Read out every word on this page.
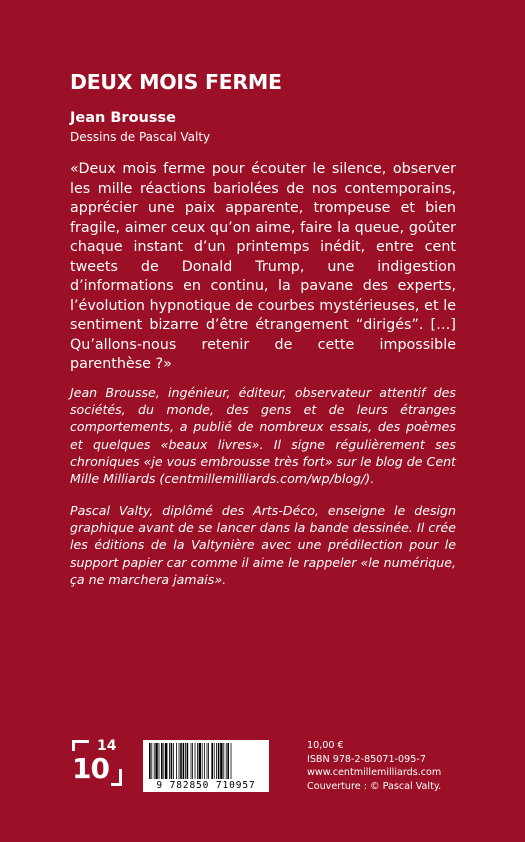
DEUX MOIS FERME
Jean Brousse
Dessins de Pascal Valty

«Deux mois ferme pour écouter le silence, observer les mille réactions bariolées de nos contemporains, apprécier une paix apparente, trompeuse et bien fragile, aimer ceux qu’on aime, faire la queue, goûter chaque instant d’un printemps inédit, entre cent tweets de Donald Trump, une indigestion d’informations en continu, la pavane des experts, l’évolution hypnotique de courbes mystérieuses, et le sentiment bizarre d’être étrangement “dirigés”. […] Qu’allons-nous retenir de cette impossible parenthèse ?»

Jean Brousse, ingénieur, éditeur, observateur attentif des sociétés, du monde, des gens et de leurs étranges comportements, a publié de nombreux essais, des poèmes et quelques «beaux livres». Il signe régulièrement ses chroniques «je vous embrousse très fort» sur le blog de Cent Mille Milliards (centmillemilliards.com/wp/blog/).

Pascal Valty, diplômé des Arts-Déco, enseigne le design graphique avant de se lancer dans la bande dessinée. Il crée les éditions de la Valtynière avec une prédilection pour le support papier car comme il aime le rappeler «le numérique, ça ne marchera jamais».

14
10
9 782850 710957
10,00 €
ISBN 978-2-85071-095-7
www.centmillemilliards.com
Couverture : © Pascal Valty.
